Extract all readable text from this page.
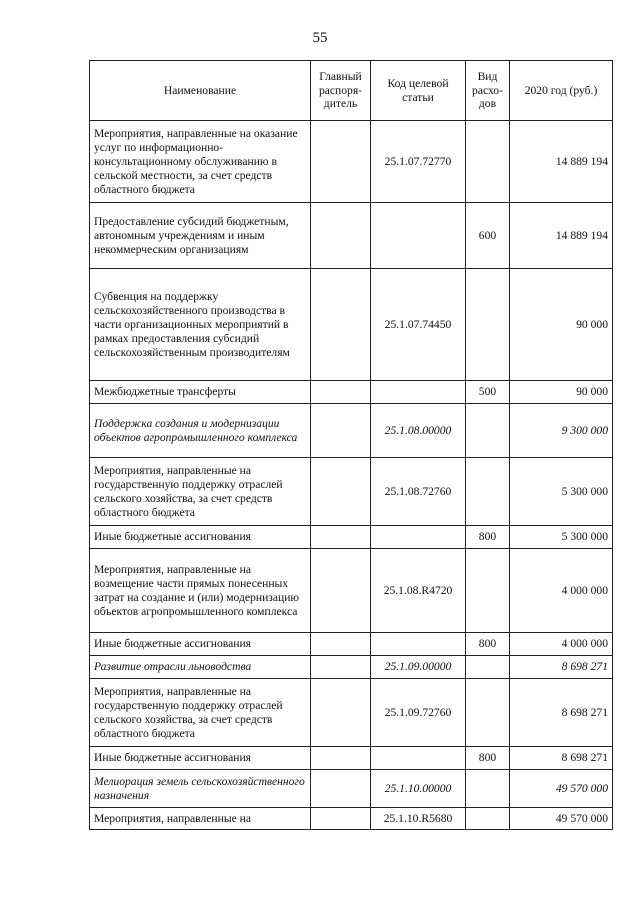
55
Наименование	Главный распоря-дитель	Код целевой статьи	Вид расхо-дов	2020 год (руб.)
Мероприятия, направленные на оказание услуг по информационно-консультационному обслуживанию в сельской местности, за счет средств областного бюджета		25.1.07.72770		14 889 194
Предоставление субсидий бюджетным, автономным учреждениям и иным некоммерческим организациям			600	14 889 194
Субвенция на поддержку сельскохозяйственного производства в части организационных мероприятий в рамках предоставления субсидий сельскохозяйственным производителям		25.1.07.74450		90 000
Межбюджетные трансферты			500	90 000
Поддержка создания и модернизации объектов агропромышленного комплекса		25.1.08.00000		9 300 000
Мероприятия, направленные на государственную поддержку отраслей сельского хозяйства, за счет средств областного бюджета		25.1.08.72760		5 300 000
Иные бюджетные ассигнования			800	5 300 000
Мероприятия, направленные на возмещение части прямых понесенных затрат на создание и (или) модернизацию объектов агропромышленного комплекса		25.1.08.R4720		4 000 000
Иные бюджетные ассигнования			800	4 000 000
Развитие отрасли льноводства		25.1.09.00000		8 698 271
Мероприятия, направленные на государственную поддержку отраслей сельского хозяйства, за счет средств областного бюджета		25.1.09.72760		8 698 271
Иные бюджетные ассигнования			800	8 698 271
Мелиорация земель сельскохозяйственного назначения		25.1.10.00000		49 570 000
Мероприятия, направленные на		25.1.10.R5680		49 570 000
